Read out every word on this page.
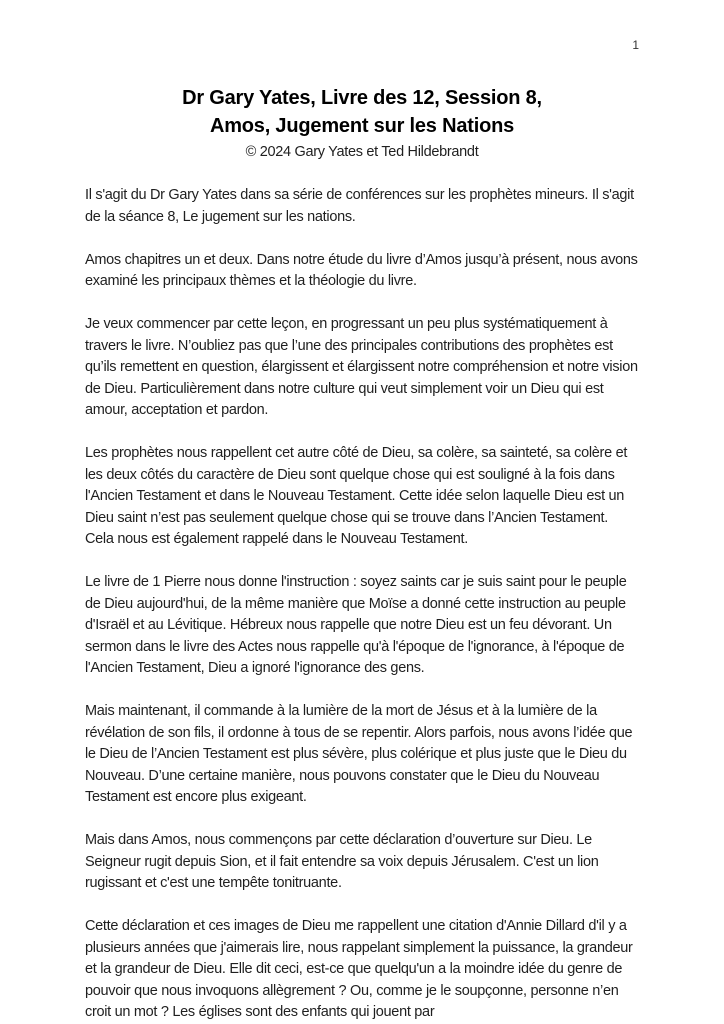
1
Dr Gary Yates, Livre des 12, Session 8,
Amos, Jugement sur les Nations
© 2024 Gary Yates et Ted Hildebrandt

Il s'agit du Dr Gary Yates dans sa série de conférences sur les prophètes mineurs. Il s'agit de la séance 8, Le jugement sur les nations.

Amos chapitres un et deux. Dans notre étude du livre d’Amos jusqu’à présent, nous avons examiné les principaux thèmes et la théologie du livre.

Je veux commencer par cette leçon, en progressant un peu plus systématiquement à travers le livre. N’oubliez pas que l’une des principales contributions des prophètes est qu’ils remettent en question, élargissent et élargissent notre compréhension et notre vision de Dieu. Particulièrement dans notre culture qui veut simplement voir un Dieu qui est amour, acceptation et pardon.

Les prophètes nous rappellent cet autre côté de Dieu, sa colère, sa sainteté, sa colère et les deux côtés du caractère de Dieu sont quelque chose qui est souligné à la fois dans l'Ancien Testament et dans le Nouveau Testament. Cette idée selon laquelle Dieu est un Dieu saint n’est pas seulement quelque chose qui se trouve dans l’Ancien Testament. Cela nous est également rappelé dans le Nouveau Testament.

Le livre de 1 Pierre nous donne l'instruction : soyez saints car je suis saint pour le peuple de Dieu aujourd'hui, de la même manière que Moïse a donné cette instruction au peuple d'Israël et au Lévitique. Hébreux nous rappelle que notre Dieu est un feu dévorant. Un sermon dans le livre des Actes nous rappelle qu'à l'époque de l'ignorance, à l'époque de l'Ancien Testament, Dieu a ignoré l'ignorance des gens.

Mais maintenant, il commande à la lumière de la mort de Jésus et à la lumière de la révélation de son fils, il ordonne à tous de se repentir. Alors parfois, nous avons l’idée que le Dieu de l’Ancien Testament est plus sévère, plus colérique et plus juste que le Dieu du Nouveau. D’une certaine manière, nous pouvons constater que le Dieu du Nouveau Testament est encore plus exigeant.

Mais dans Amos, nous commençons par cette déclaration d’ouverture sur Dieu. Le Seigneur rugit depuis Sion, et il fait entendre sa voix depuis Jérusalem. C'est un lion rugissant et c'est une tempête tonitruante.

Cette déclaration et ces images de Dieu me rappellent une citation d'Annie Dillard d'il y a plusieurs années que j'aimerais lire, nous rappelant simplement la puissance, la grandeur et la grandeur de Dieu. Elle dit ceci, est-ce que quelqu'un a la moindre idée du genre de pouvoir que nous invoquons allègrement ? Ou, comme je le soupçonne, personne n’en croit un mot ? Les églises sont des enfants qui jouent par
